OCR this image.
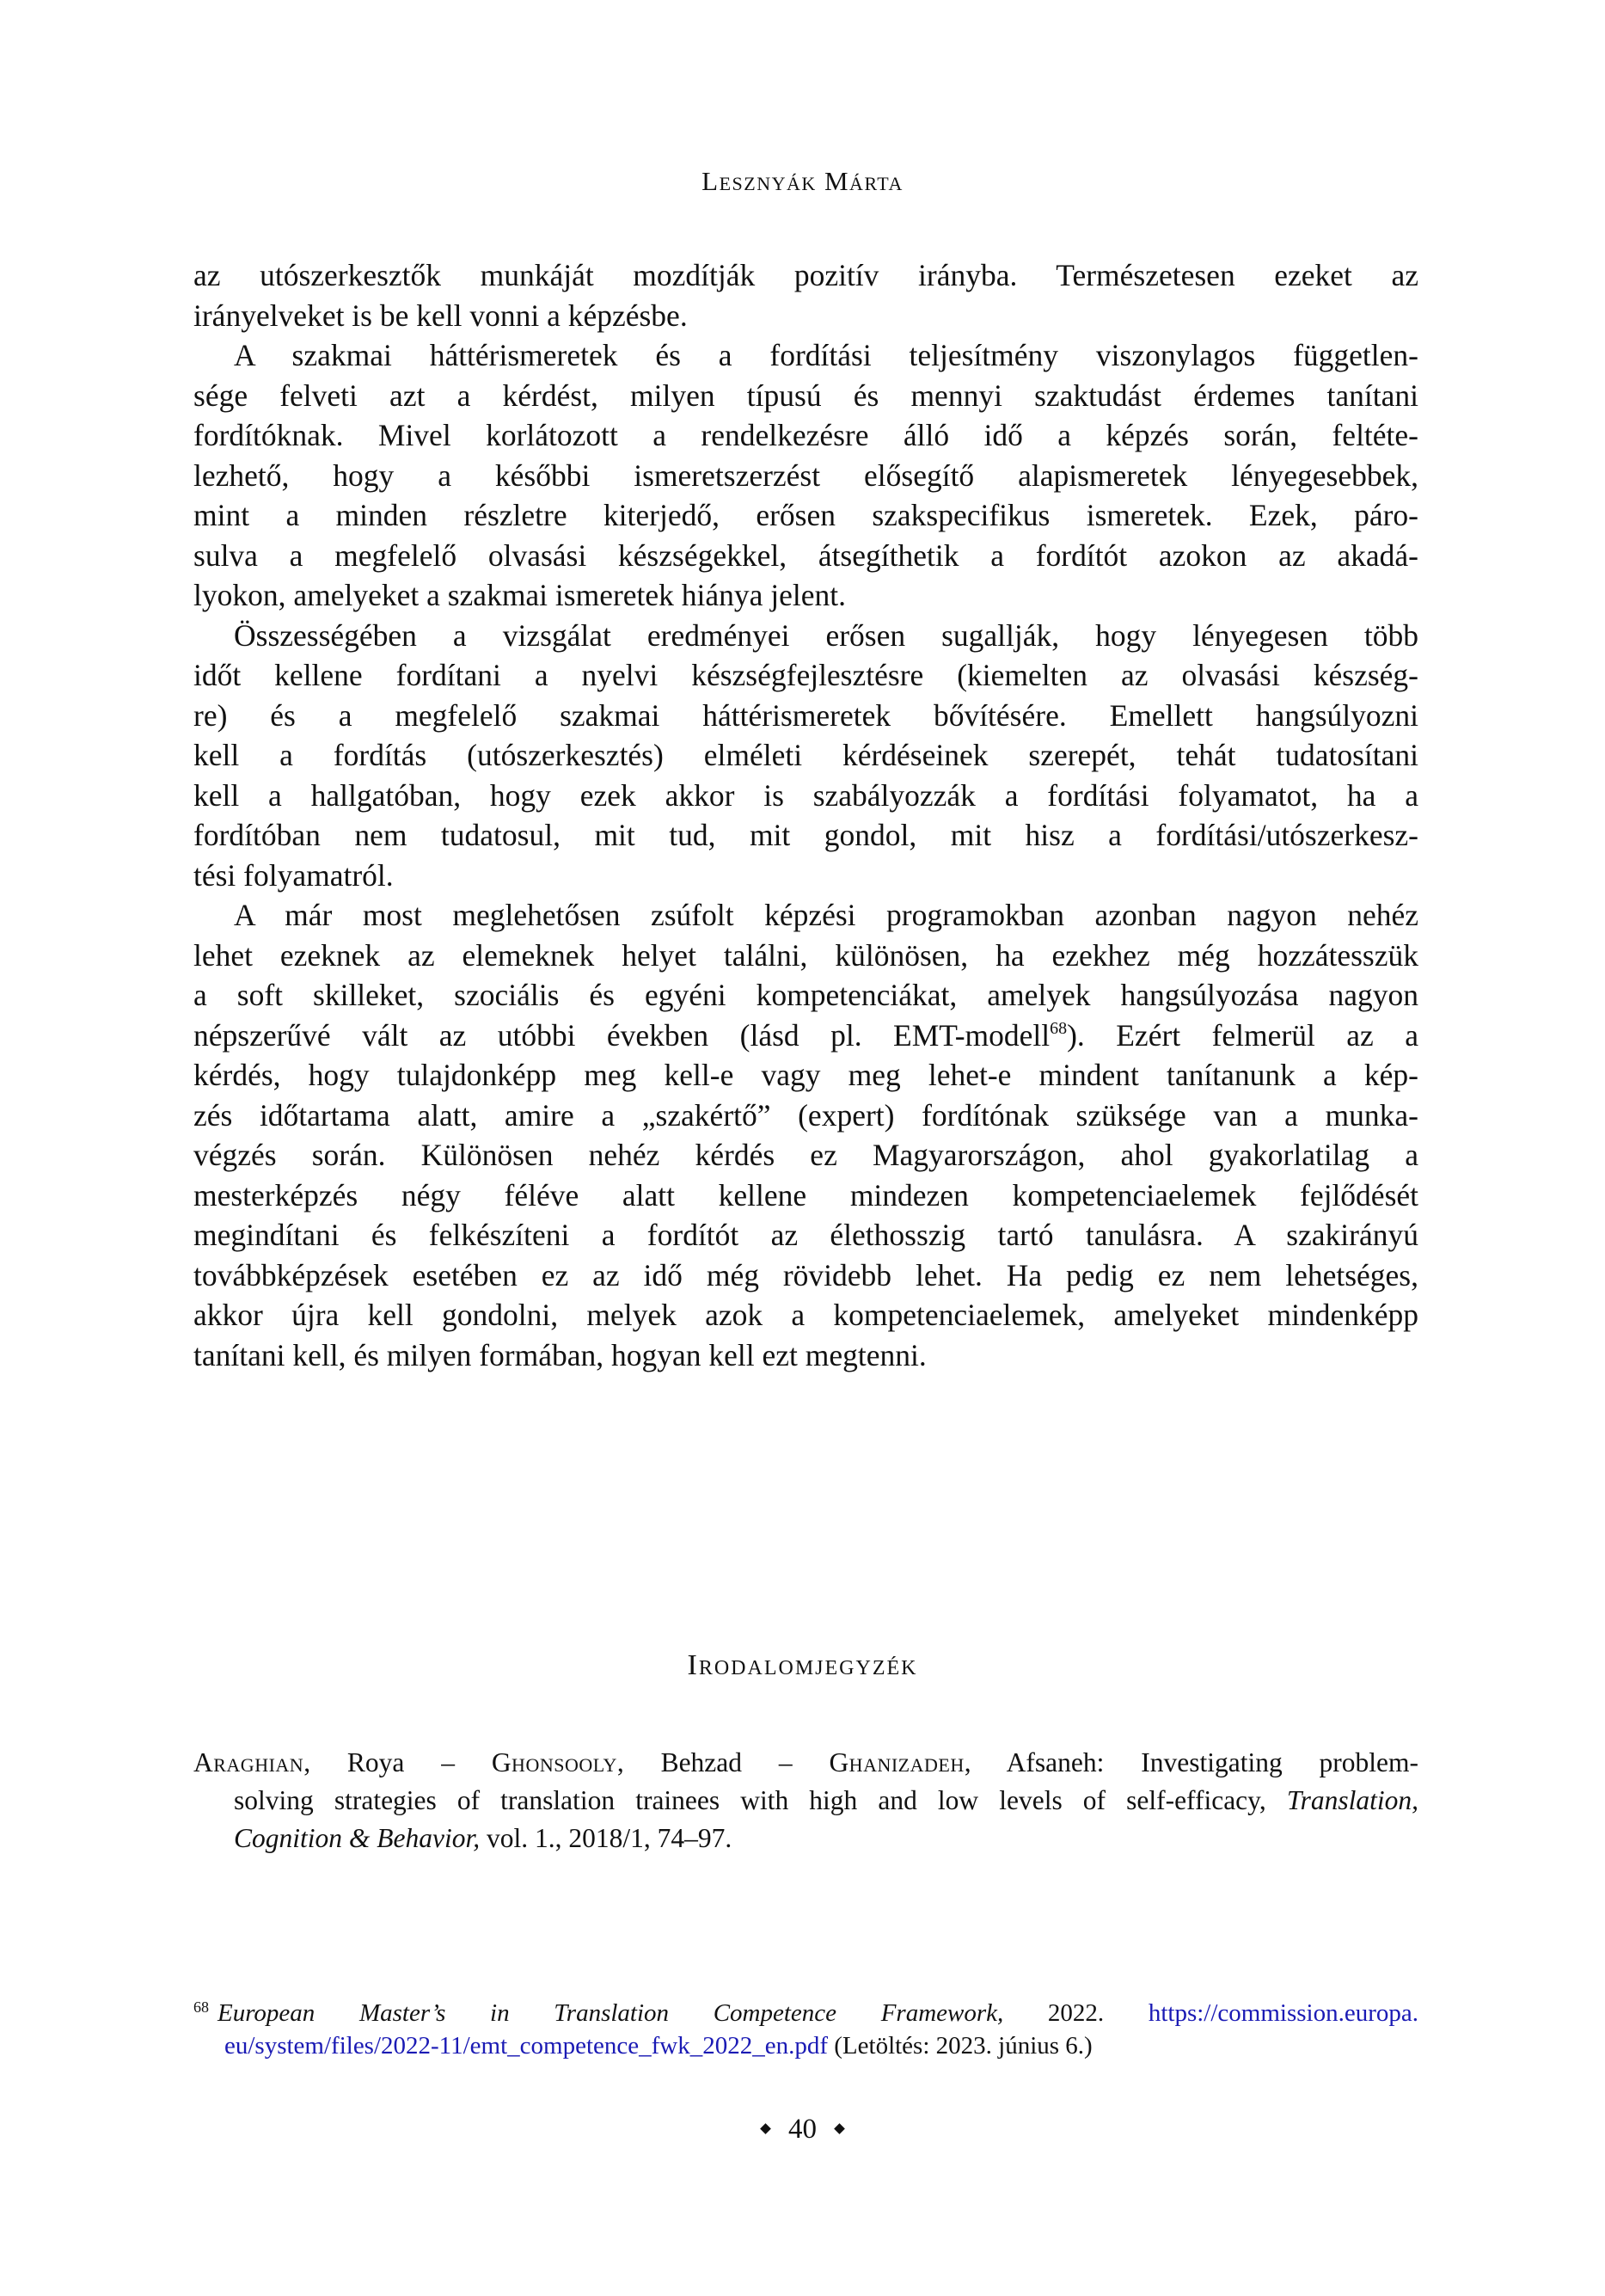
Lesznyák Márta
az utószerkesztők munkáját mozdítják pozitív irányba. Természetesen ezeket az
irányelveket is be kell vonni a képzésbe.
A szakmai háttérismeretek és a fordítási teljesítmény viszonylagos független-
sége felveti azt a kérdést, milyen típusú és mennyi szaktudást érdemes tanítani
fordítóknak. Mivel korlátozott a rendelkezésre álló idő a képzés során, feltéte-
lezhető, hogy a későbbi ismeretszerzést elősegítő alapismeretek lényegesebbek,
mint a minden részletre kiterjedő, erősen szakspecifikus ismeretek. Ezek, páro-
sulva a megfelelő olvasási készségekkel, átsegíthetik a fordítót azokon az akadá-
lyokon, amelyeket a szakmai ismeretek hiánya jelent.
Összességében a vizsgálat eredményei erősen sugallják, hogy lényegesen több
időt kellene fordítani a nyelvi készségfejlesztésre (kiemelten az olvasási készség-
re) és a megfelelő szakmai háttérismeretek bővítésére. Emellett hangsúlyozni
kell a fordítás (utószerkesztés) elméleti kérdéseinek szerepét, tehát tudatosítani
kell a hallgatóban, hogy ezek akkor is szabályozzák a fordítási folyamatot, ha a
fordítóban nem tudatosul, mit tud, mit gondol, mit hisz a fordítási/utószerkesz-
tési folyamatról.
A már most meglehetősen zsúfolt képzési programokban azonban nagyon nehéz
lehet ezeknek az elemeknek helyet találni, különösen, ha ezekhez még hozzátesszük
a soft skilleket, szociális és egyéni kompetenciákat, amelyek hangsúlyozása nagyon
népszerűvé vált az utóbbi években (lásd pl. EMT-modell$^{68}$). Ezért felmerül az a
kérdés, hogy tulajdonképp meg kell-e vagy meg lehet-e mindent tanítanunk a kép-
zés időtartama alatt, amire a „szakértő” (expert) fordítónak szüksége van a munka-
végzés során. Különösen nehéz kérdés ez Magyarországon, ahol gyakorlatilag a
mesterképzés négy féléve alatt kellene mindezen kompetenciaelemek fejlődését
megindítani és felkészíteni a fordítót az élethosszig tartó tanulásra. A szakirányú
továbbképzések esetében ez az idő még rövidebb lehet. Ha pedig ez nem lehetséges,
akkor újra kell gondolni, melyek azok a kompetenciaelemek, amelyeket mindenképp
tanítani kell, és milyen formában, hogyan kell ezt megtenni.
Irodalomjegyzék
Araghian, Roya – Ghonsooly, Behzad – Ghanizadeh, Afsaneh: Investigating problem-
solving strategies of translation trainees with high and low levels of self-efficacy, Translation,
Cognition & Behavior, vol. 1., 2018/1, 74–97.
$^{68}$ European Master’s in Translation Competence Framework, 2022. https://commission.europa.
eu/system/files/2022-11/emt_competence_fwk_2022_en.pdf (Letöltés: 2023. június 6.)
40
